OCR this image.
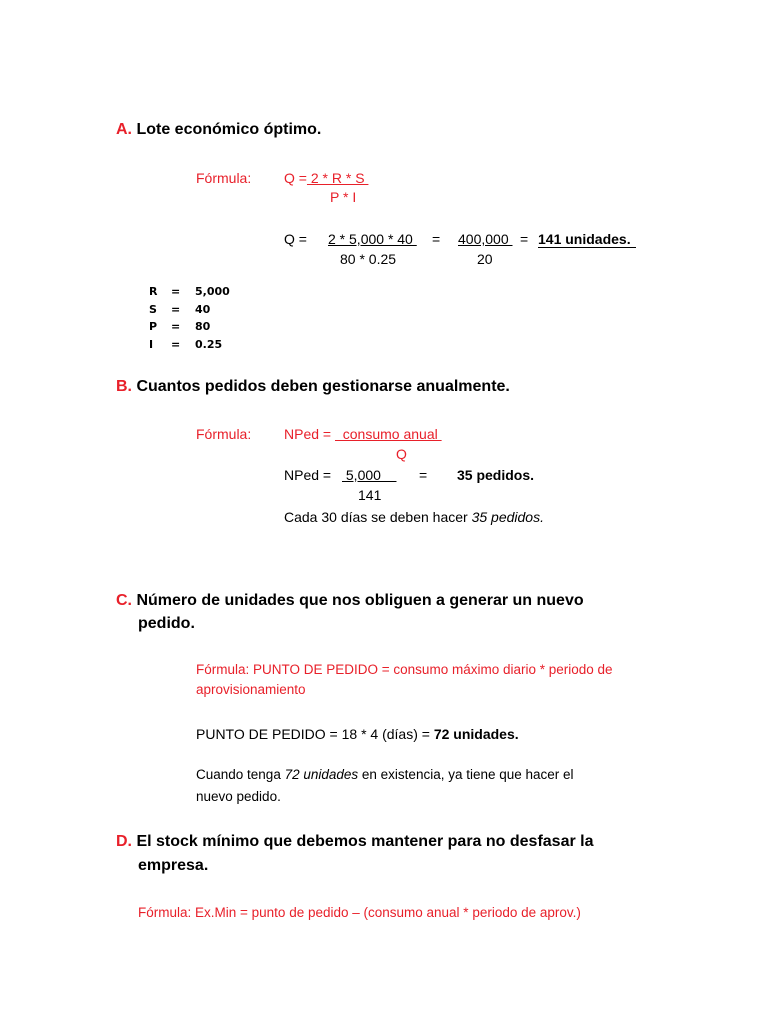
A. Lote económico óptimo.
Fórmula: Q = 2 * R * S
P * I
Q = 2 * 5,000 * 40 = 400,000 = 141 unidades.
80 * 0.25	20
R	=	5,000
S	=	40
P	=	80
I	=	0.25
B. Cuantos pedidos deben gestionarse anualmente.
Fórmula: NPed =   consumo anual
Q
NPed = 5,000 = 35 pedidos.
141
Cada 30 días se deben hacer 35 pedidos.
C. Número de unidades que nos obliguen a generar un nuevo
pedido.
Fórmula: PUNTO DE PEDIDO = consumo máximo diario * periodo de
aprovisionamiento
PUNTO DE PEDIDO = 18 * 4 (días) = 72 unidades.
Cuando tenga 72 unidades en existencia, ya tiene que hacer el
nuevo pedido.
D. El stock mínimo que debemos mantener para no desfasar la
empresa.
Fórmula: Ex.Min = punto de pedido – (consumo anual * periodo de aprov.)
